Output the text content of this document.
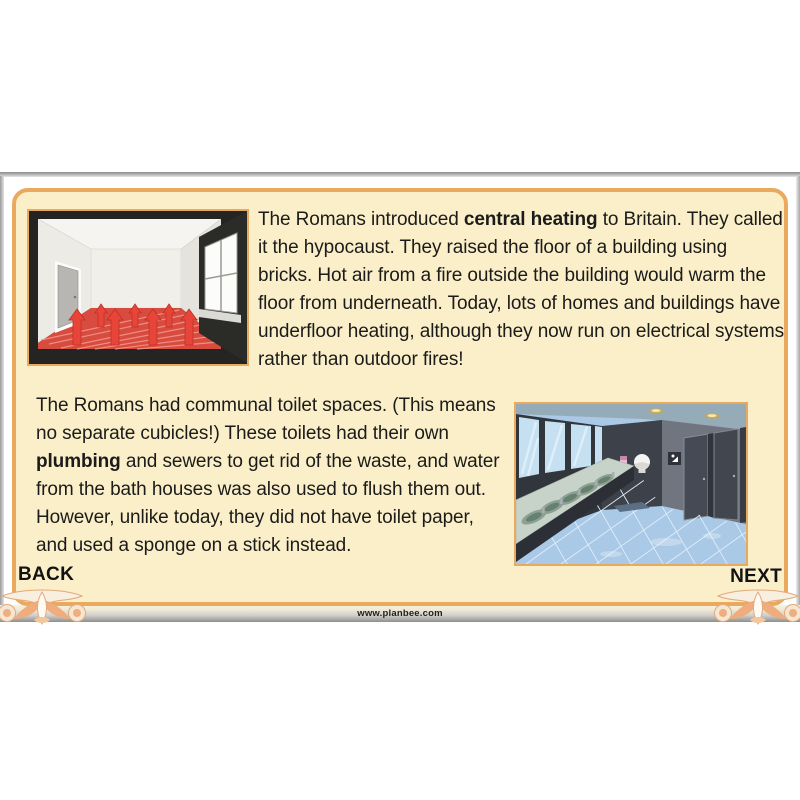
The Romans introduced central heating to Britain. They called it the hypocaust. They raised the floor of a building using bricks. Hot air from a fire outside the building would warm the floor from underneath. Today, lots of homes and buildings have underfloor heating, although they now run on electrical systems rather than outdoor fires!

The Romans had communal toilet spaces. (This means no separate cubicles!) These toilets had their own plumbing and sewers to get rid of the waste, and water from the bath houses was also used to flush them out. However, unlike today, they did not have toilet paper, and used a sponge on a stick instead.

BACK	NEXT
www.planbee.com
